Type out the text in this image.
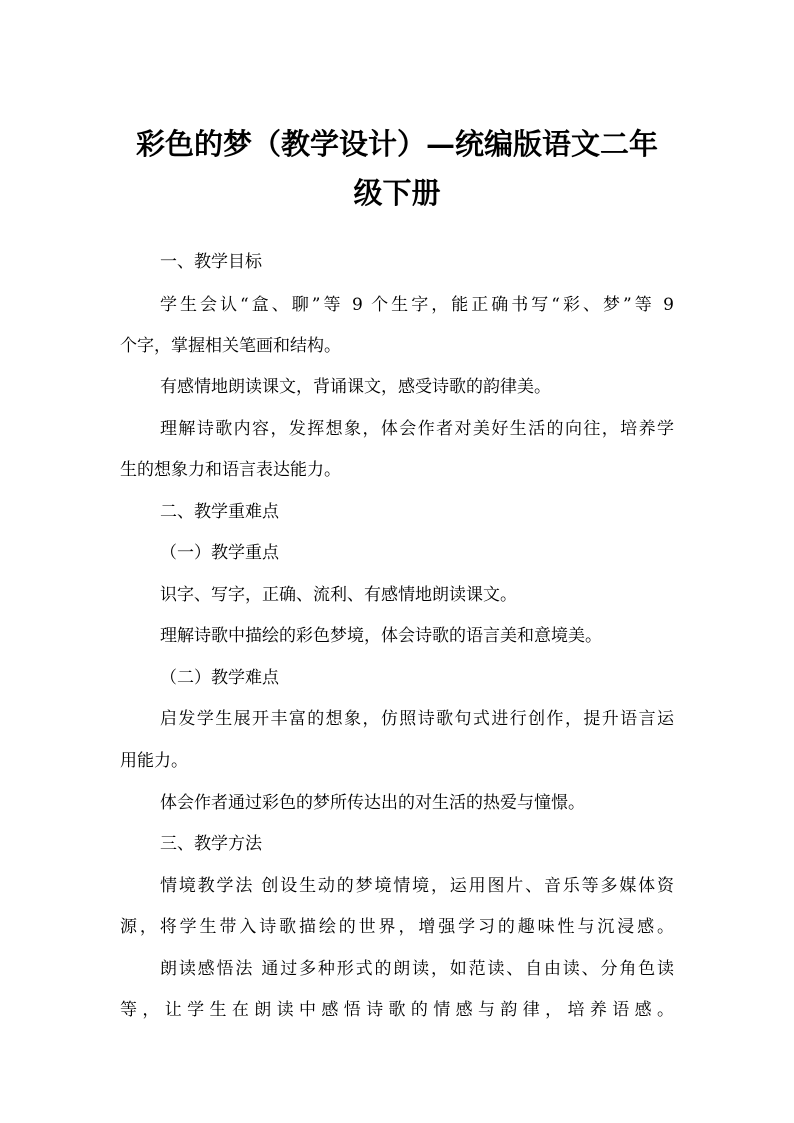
彩色的梦（教学设计）—统编版语文二年
级下册

一、教学目标

学生会认“盒、聊”等 9 个生字，能正确书写“彩、梦”等 9

个字，掌握相关笔画和结构。

有感情地朗读课文，背诵课文，感受诗歌的韵律美。

理解诗歌内容，发挥想象，体会作者对美好生活的向往，培养学

生的想象力和语言表达能力。

二、教学重难点

（一）教学重点

识字、写字，正确、流利、有感情地朗读课文。

理解诗歌中描绘的彩色梦境，体会诗歌的语言美和意境美。

（二）教学难点

启发学生展开丰富的想象，仿照诗歌句式进行创作，提升语言运

用能力。

体会作者通过彩色的梦所传达出的对生活的热爱与憧憬。

三、教学方法

情境教学法 创设生动的梦境情境，运用图片、音乐等多媒体资

源，将学生带入诗歌描绘的世界，增强学习的趣味性与沉浸感。

朗读感悟法 通过多种形式的朗读，如范读、自由读、分角色读

等，让学生在朗读中感悟诗歌的情感与韵律，培养语感。
